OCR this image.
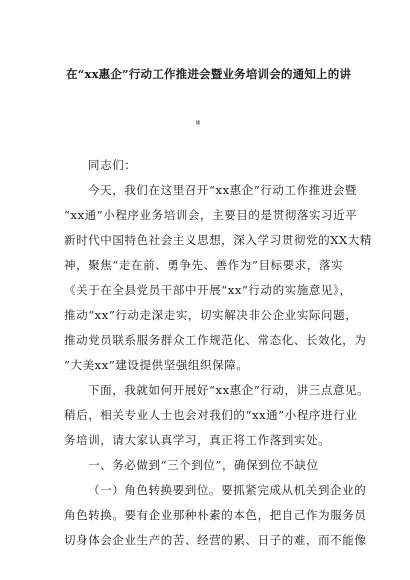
在“xx惠企”行动工作推进会暨业务培训会的通知上的讲
话
同志们：
今天，我们在这里召开“xx惠企”行动工作推进会暨
“xx通”小程序业务培训会，主要目的是贯彻落实习近平
新时代中国特色社会主义思想，深入学习贯彻党的XX大精
神，聚焦“走在前、勇争先、善作为”目标要求，落实
《关于在全县党员干部中开展“xx”行动的实施意见》，
推动“xx”行动走深走实，切实解决非公企业实际问题，
推动党员联系服务群众工作规范化、常态化、长效化，为
“大美xx”建设提供坚强组织保障。
下面，我就如何开展好“xx惠企”行动，讲三点意见。
稍后，相关专业人士也会对我们的“xx通”小程序进行业
务培训，请大家认真学习，真正将工作落到实处。
一、务必做到“三个到位”，确保到位不缺位
（一）角色转换要到位。要抓紧完成从机关到企业的
角色转换。要有企业那种朴素的本色，把自己作为服务员
切身体会企业生产的苦、经营的累、日子的难，而不能像
